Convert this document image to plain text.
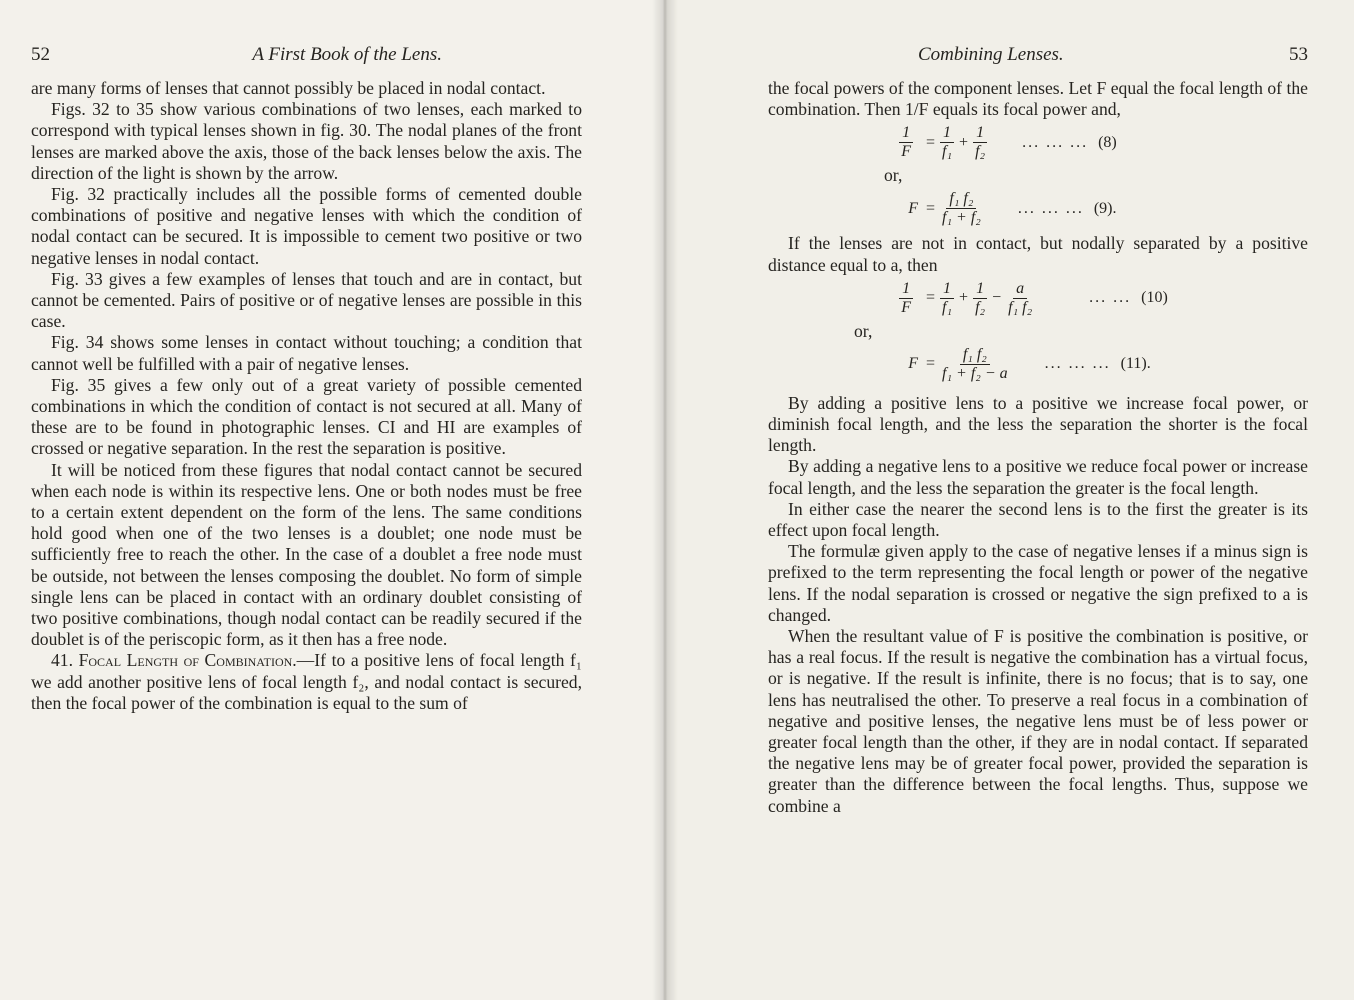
52	A First Book of the Lens.

are many forms of lenses that cannot possibly be placed in nodal contact.

Figs. 32 to 35 show various combinations of two lenses, each marked to correspond with typical lenses shown in fig. 30. The nodal planes of the front lenses are marked above the axis, those of the back lenses below the axis. The direction of the light is shown by the arrow.

Fig. 32 practically includes all the possible forms of cemented double combinations of positive and negative lenses with which the condition of nodal contact can be secured. It is impossible to cement two positive or two negative lenses in nodal contact.

Fig. 33 gives a few examples of lenses that touch and are in contact, but cannot be cemented. Pairs of positive or of negative lenses are possible in this case.

Fig. 34 shows some lenses in contact without touching; a condition that cannot well be fulfilled with a pair of negative lenses.

Fig. 35 gives a few only out of a great variety of possible cemented combinations in which the condition of contact is not secured at all. Many of these are to be found in photographic lenses. CI and HI are examples of crossed or negative separation. In the rest the separation is positive.

It will be noticed from these figures that nodal contact cannot be secured when each node is within its respective lens. One or both nodes must be free to a certain extent dependent on the form of the lens. The same conditions hold good when one of the two lenses is a doublet; one node must be sufficiently free to reach the other. In the case of a doublet a free node must be outside, not between the lenses composing the doublet. No form of simple single lens can be placed in contact with an ordinary doublet consisting of two positive combinations, though nodal contact can be readily secured if the doublet is of the periscopic form, as it then has a free node.

41. Focal Length of Combination.—If to a positive lens of focal length f₁ we add another positive lens of focal length f₂, and nodal contact is secured, then the focal power of the combination is equal to the sum of

Combining Lenses.	53

the focal powers of the component lenses. Let F equal the focal length of the combination. Then 1/F equals its focal power and,

$\frac{1}{F} = \frac{1}{\text{f₁}} + \frac{1}{\text{f₂}}$ ... ... ... (8)
or,
$F = \frac{\text{f₁ f₂}}{\text{f₁ + f₂}}$ ... ... ... (9).

If the lenses are not in contact, but nodally separated by a positive distance equal to a, then

$\frac{1}{F} = \frac{1}{\text{f₁}} + \frac{1}{\text{f₂}} - \frac{a}{\text{f₁ f₂}}$	... ... (10)
or,
$F = \frac{\text{f₁ f₂}}{\text{f₁ + f₂ − a}}$ ... ... ... (11).

By adding a positive lens to a positive we increase focal power, or diminish focal length, and the less the separation the shorter is the focal length.

By adding a negative lens to a positive we reduce focal power or increase focal length, and the less the separation the greater is the focal length.

In either case the nearer the second lens is to the first the greater is its effect upon focal length.

The formulæ given apply to the case of negative lenses if a minus sign is prefixed to the term representing the focal length or power of the negative lens. If the nodal separation is crossed or negative the sign prefixed to a is changed.

When the resultant value of F is positive the combination is positive, or has a real focus. If the result is negative the combination has a virtual focus, or is negative. If the result is infinite, there is no focus; that is to say, one lens has neutralised the other. To preserve a real focus in a combination of negative and positive lenses, the negative lens must be of less power or greater focal length than the other, if they are in nodal contact. If separated the negative lens may be of greater focal power, provided the separation is greater than the difference between the focal lengths. Thus, suppose we combine a
